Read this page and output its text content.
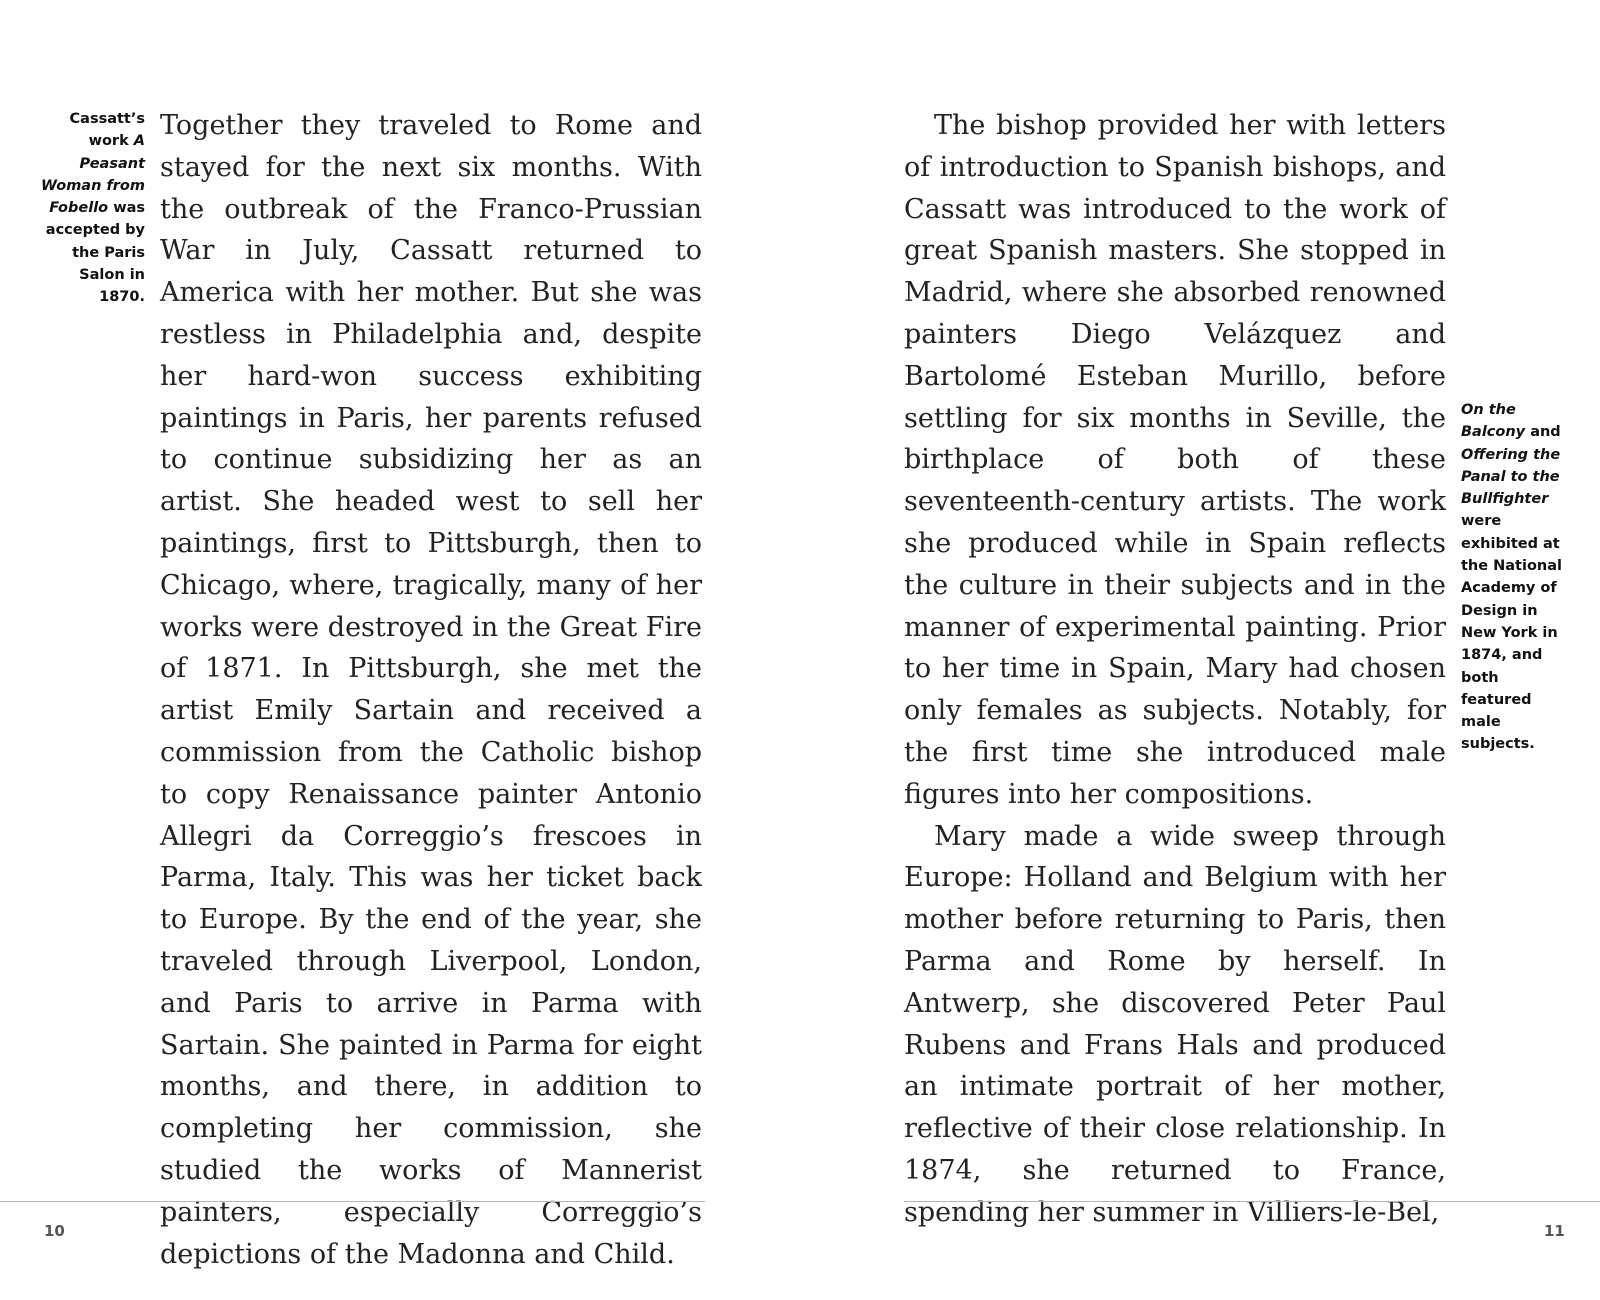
Cassatt’s work A Peasant Woman from Fobello was accepted by the Paris Salon in 1870.

Together they traveled to Rome and stayed for the next six months. With the outbreak of the Franco-Prussian War in July, Cassatt returned to America with her mother. But she was restless in Philadelphia and, despite her hard-won success exhibiting paintings in Paris, her parents refused to continue subsidizing her as an artist. She headed west to sell her paintings, first to Pittsburgh, then to Chicago, where, tragically, many of her works were destroyed in the Great Fire of 1871. In Pittsburgh, she met the artist Emily Sartain and received a commission from the Catholic bishop to copy Renaissance painter Antonio Allegri da Correggio’s frescoes in Parma, Italy. This was her ticket back to Europe. By the end of the year, she traveled through Liverpool, London, and Paris to arrive in Parma with Sartain. She painted in Parma for eight months, and there, in addition to completing her commission, she studied the works of Mannerist painters, especially Correggio’s depictions of the Madonna and Child.

10

The bishop provided her with letters of introduction to Spanish bishops, and Cassatt was introduced to the work of great Spanish masters. She stopped in Madrid, where she absorbed renowned painters Diego Velázquez and Bartolomé Esteban Murillo, before settling for six months in Seville, the birthplace of both of these seventeenth-century artists. The work she produced while in Spain reflects the culture in their subjects and in the manner of experimental painting. Prior to her time in Spain, Mary had chosen only females as subjects. Notably, for the first time she introduced male figures into her compositions.

Mary made a wide sweep through Europe: Holland and Belgium with her mother before returning to Paris, then Parma and Rome by herself. In Antwerp, she discovered Peter Paul Rubens and Frans Hals and produced an intimate portrait of her mother, reflective of their close relationship. In 1874, she returned to France, spending her summer in Villiers-le-Bel,

On the Balcony and Offering the Panal to the Bullfighter were exhibited at the National Academy of Design in New York in 1874, and both featured male subjects.
11
